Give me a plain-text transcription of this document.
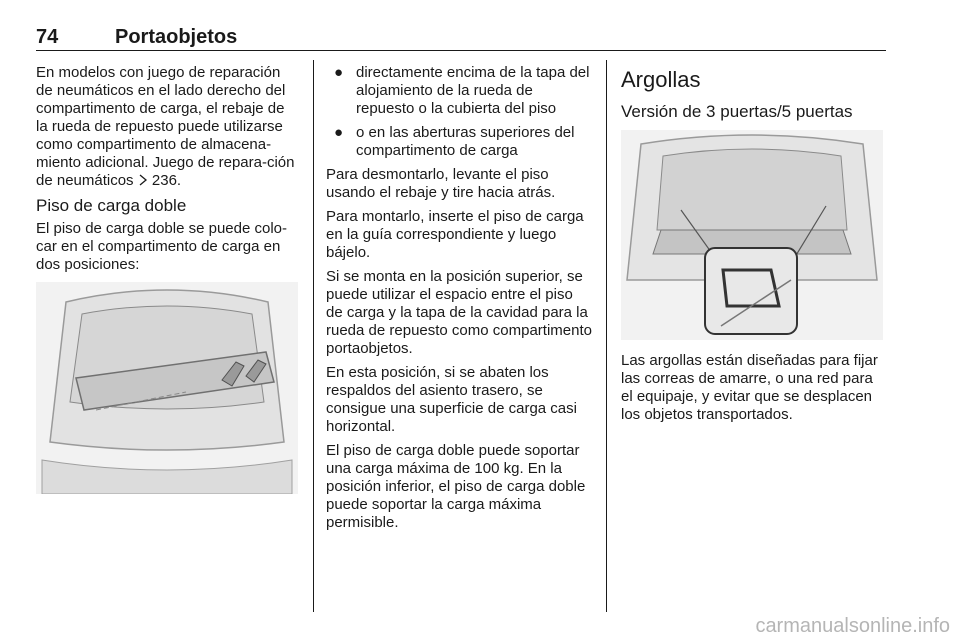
74	Portaobjetos

En modelos con juego de reparación de neumáticos en el lado derecho del compartimento de carga, el rebaje de la rueda de repuesto puede utilizarse como compartimento de almacena-miento adicional. Juego de repara-ción de neumáticos  236.

Piso de carga doble

El piso de carga doble se puede colo-car en el compartimento de carga en dos posiciones:

● directamente encima de la tapa del alojamiento de la rueda de repuesto o la cubierta del piso
● o en las aberturas superiores del compartimento de carga

Para desmontarlo, levante el piso usando el rebaje y tire hacia atrás.

Para montarlo, inserte el piso de carga en la guía correspondiente y luego bájelo.

Si se monta en la posición superior, se puede utilizar el espacio entre el piso de carga y la tapa de la cavidad para la rueda de repuesto como compartimento portaobjetos.

En esta posición, si se abaten los respaldos del asiento trasero, se consigue una superficie de carga casi horizontal.

El piso de carga doble puede soportar una carga máxima de 100 kg. En la posición inferior, el piso de carga doble puede soportar la carga máxima permisible.

Argollas
Versión de 3 puertas/5 puertas

Las argollas están diseñadas para fijar las correas de amarre, o una red para el equipaje, y evitar que se desplacen los objetos transportados.

carmanualsonline.info
